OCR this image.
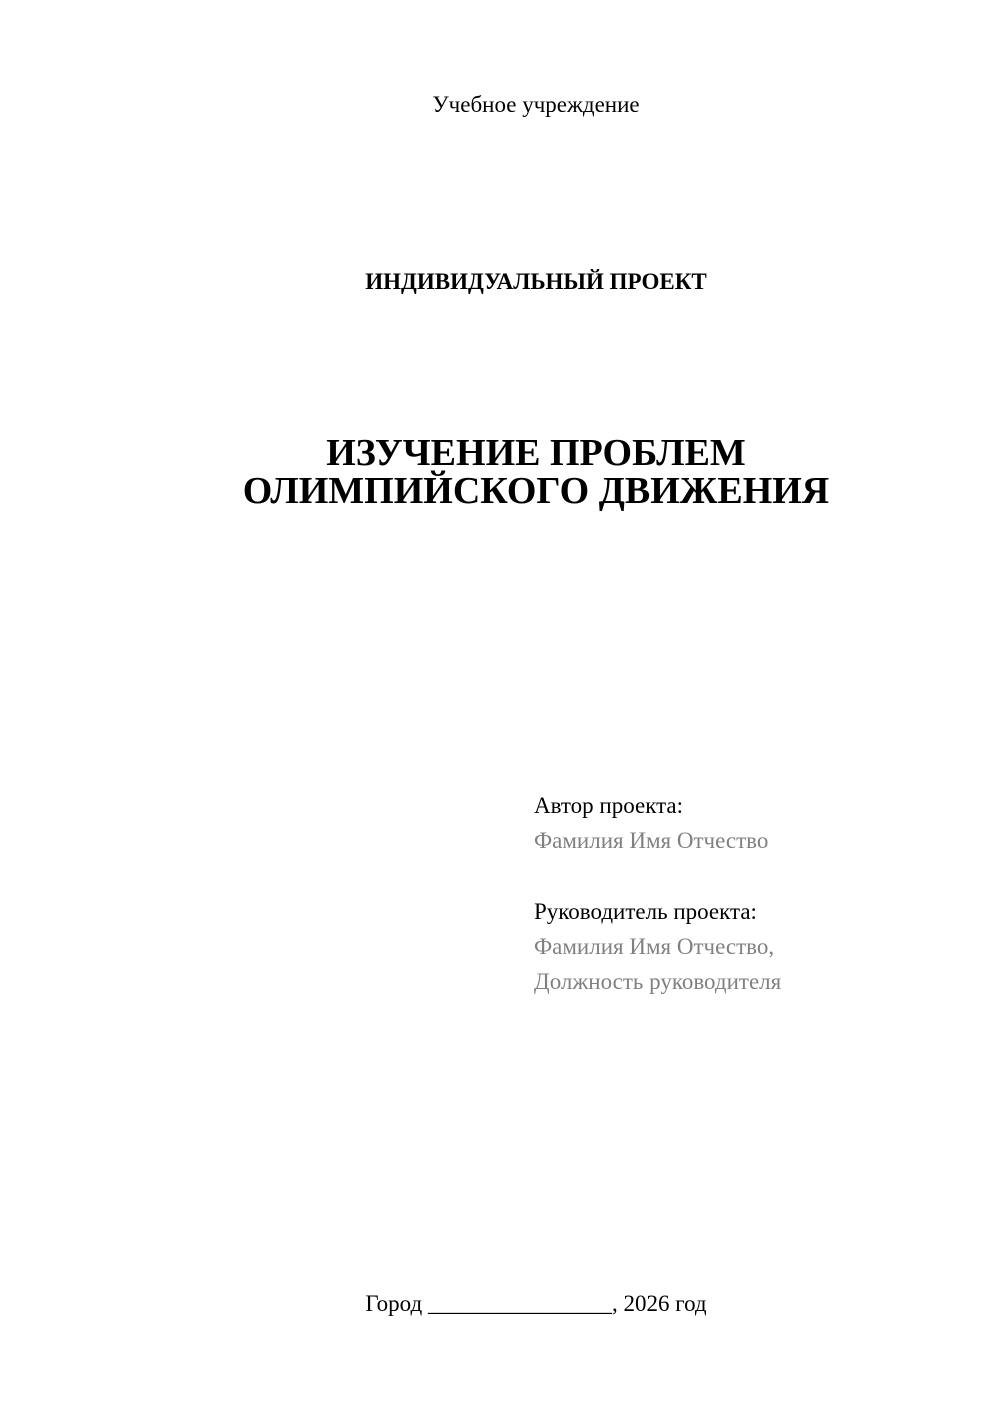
Учебное учреждение
ИНДИВИДУАЛЬНЫЙ ПРОЕКТ
ИЗУЧЕНИЕ ПРОБЛЕМ
ОЛИМПИЙСКОГО ДВИЖЕНИЯ
Автор проекта:
Фамилия Имя Отчество
Руководитель проекта:
Фамилия Имя Отчество,
Должность руководителя
Город ________________, 2026 год
